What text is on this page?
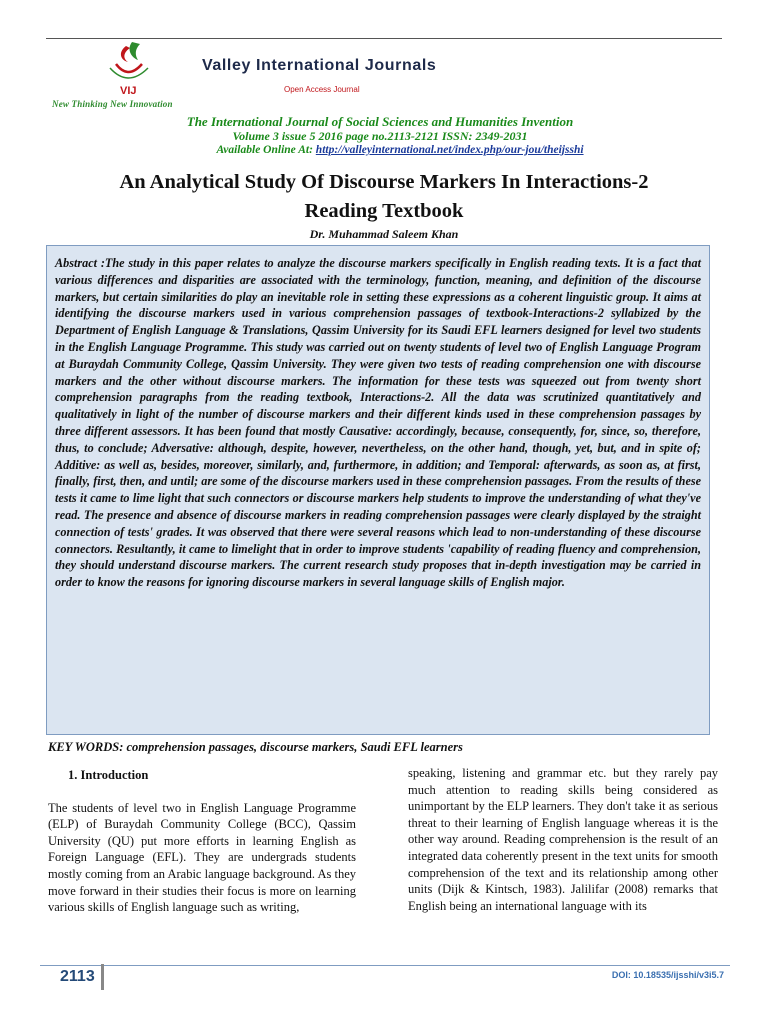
VIJ
Valley International Journals
Open Access Journal
New Thinking New Innovation
The International Journal of Social Sciences and Humanities Invention
Volume 3 issue 5 2016 page no.2113-2121 ISSN: 2349-2031
Available Online At: http://valleyinternational.net/index.php/our-jou/theijsshi
An Analytical Study Of Discourse Markers In Interactions-2
Reading Textbook
Dr. Muhammad Saleem Khan

Abstract :The study in this paper relates to analyze the discourse markers specifically in English reading texts. It is a fact that various differences and disparities are associated with the terminology, function, meaning, and definition of the discourse markers, but certain similarities do play an inevitable role in setting these expressions as a coherent linguistic group. It aims at identifying the discourse markers used in various comprehension passages of textbook-Interactions-2 syllabized by the Department of English Language & Translations, Qassim University for its Saudi EFL learners designed for level two students in the English Language Programme. This study was carried out on twenty students of level two of English Language Program at Buraydah Community College, Qassim University. They were given two tests of reading comprehension one with discourse markers and the other without discourse markers. The information for these tests was squeezed out from twenty short comprehension paragraphs from the reading textbook, Interactions-2. All the data was scrutinized quantitatively and qualitatively in light of the number of discourse markers and their different kinds used in these comprehension passages by three different assessors. It has been found that mostly Causative: accordingly, because, consequently, for, since, so, therefore, thus, to conclude; Adversative: although, despite, however, nevertheless, on the other hand, though, yet, but, and in spite of; Additive: as well as, besides, moreover, similarly, and, furthermore, in addition; and Temporal: afterwards, as soon as, at first, finally, first, then, and until; are some of the discourse markers used in these comprehension passages. From the results of these tests it came to lime light that such connectors or discourse markers help students to improve the understanding of what they've read. The presence and absence of discourse markers in reading comprehension passages were clearly displayed by the straight connection of tests' grades. It was observed that there were several reasons which lead to non-understanding of these discourse connectors. Resultantly, it came to limelight that in order to improve students 'capability of reading fluency and comprehension, they should understand discourse markers. The current research study proposes that in-depth investigation may be carried in order to know the reasons for ignoring discourse markers in several language skills of English major.

KEY WORDS: comprehension passages, discourse markers, Saudi EFL learners
1. Introduction

The students of level two in English Language Programme (ELP) of Buraydah Community College (BCC), Qassim University (QU) put more efforts in learning English as Foreign Language (EFL). They are undergrads students mostly coming from an Arabic language background. As they move forward in their studies their focus is more on learning various skills of English language such as writing,

speaking, listening and grammar etc. but they rarely pay much attention to reading skills being considered as unimportant by the ELP learners. They don't take it as serious threat to their learning of English language whereas it is the other way around. Reading comprehension is the result of an integrated data coherently present in the text units for smooth comprehension of the text and its relationship among other units (Dijk & Kintsch, 1983). Jalilifar (2008) remarks that English being an international language with its

2113	DOI: 10.18535/ijsshi/v3i5.7
